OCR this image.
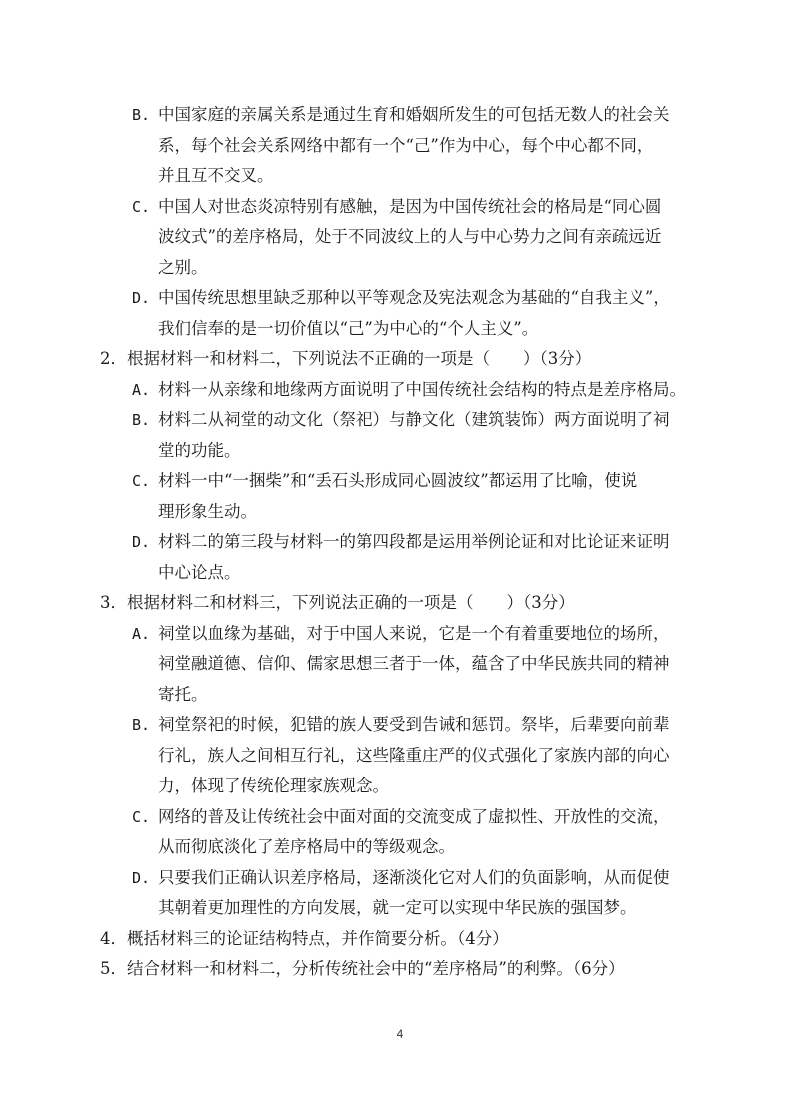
B. 中国家庭的亲属关系是通过生育和婚姻所发生的可包括无数人的社会关
系，每个社会关系网络中都有一个“己”作为中心，每个中心都不同，
并且互不交叉。
C. 中国人对世态炎凉特别有感触，是因为中国传统社会的格局是“同心圆
波纹式”的差序格局，处于不同波纹上的人与中心势力之间有亲疏远近
之别。
D. 中国传统思想里缺乏那种以平等观念及宪法观念为基础的“自我主义”，
我们信奉的是一切价值以“己”为中心的“个人主义”。
2．根据材料一和材料二，下列说法不正确的一项是（　　）（3分）
A. 材料一从亲缘和地缘两方面说明了中国传统社会结构的特点是差序格局。
B. 材料二从祠堂的动文化（祭祀）与静文化（建筑装饰）两方面说明了祠
堂的功能。
C. 材料一中“一捆柴”和“丢石头形成同心圆波纹”都运用了比喻，使说
理形象生动。
D. 材料二的第三段与材料一的第四段都是运用举例论证和对比论证来证明
中心论点。
3．根据材料二和材料三，下列说法正确的一项是（　　）（3分）
A. 祠堂以血缘为基础，对于中国人来说，它是一个有着重要地位的场所，
祠堂融道德、信仰、儒家思想三者于一体，蕴含了中华民族共同的精神
寄托。
B. 祠堂祭祀的时候，犯错的族人要受到告诫和惩罚。祭毕，后辈要向前辈
行礼，族人之间相互行礼，这些隆重庄严的仪式强化了家族内部的向心
力，体现了传统伦理家族观念。
C. 网络的普及让传统社会中面对面的交流变成了虚拟性、开放性的交流，
从而彻底淡化了差序格局中的等级观念。
D. 只要我们正确认识差序格局，逐渐淡化它对人们的负面影响，从而促使
其朝着更加理性的方向发展，就一定可以实现中华民族的强国梦。
4．概括材料三的论证结构特点，并作简要分析。（4分）
5．结合材料一和材料二，分析传统社会中的“差序格局”的利弊。（6分）
4
